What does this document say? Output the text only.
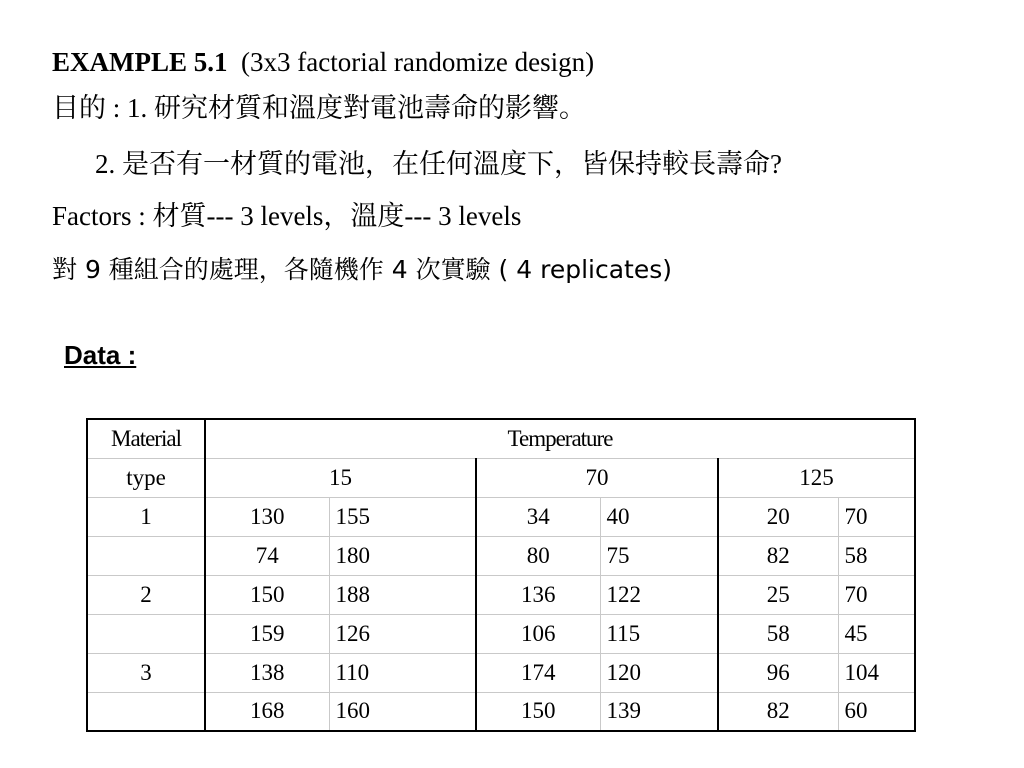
EXAMPLE 5.1 (3x3 factorial randomize design)
目的 : 1. 研究材質和溫度對電池壽命的影響。
2. 是否有一材質的電池，在任何溫度下，皆保持較長壽命?
Factors : 材質--- 3 levels，溫度--- 3 levels
對 9 種組合的處理，各隨機作 4 次實驗 ( 4 replicates)
Data :
Material	Temperature					
type	15		70		125	
1	130	155	34	40	20	70
	74	180	80	75	82	58
2	150	188	136	122	25	70
	159	126	106	115	58	45
3	138	110	174	120	96	104
	168	160	150	139	82	60
